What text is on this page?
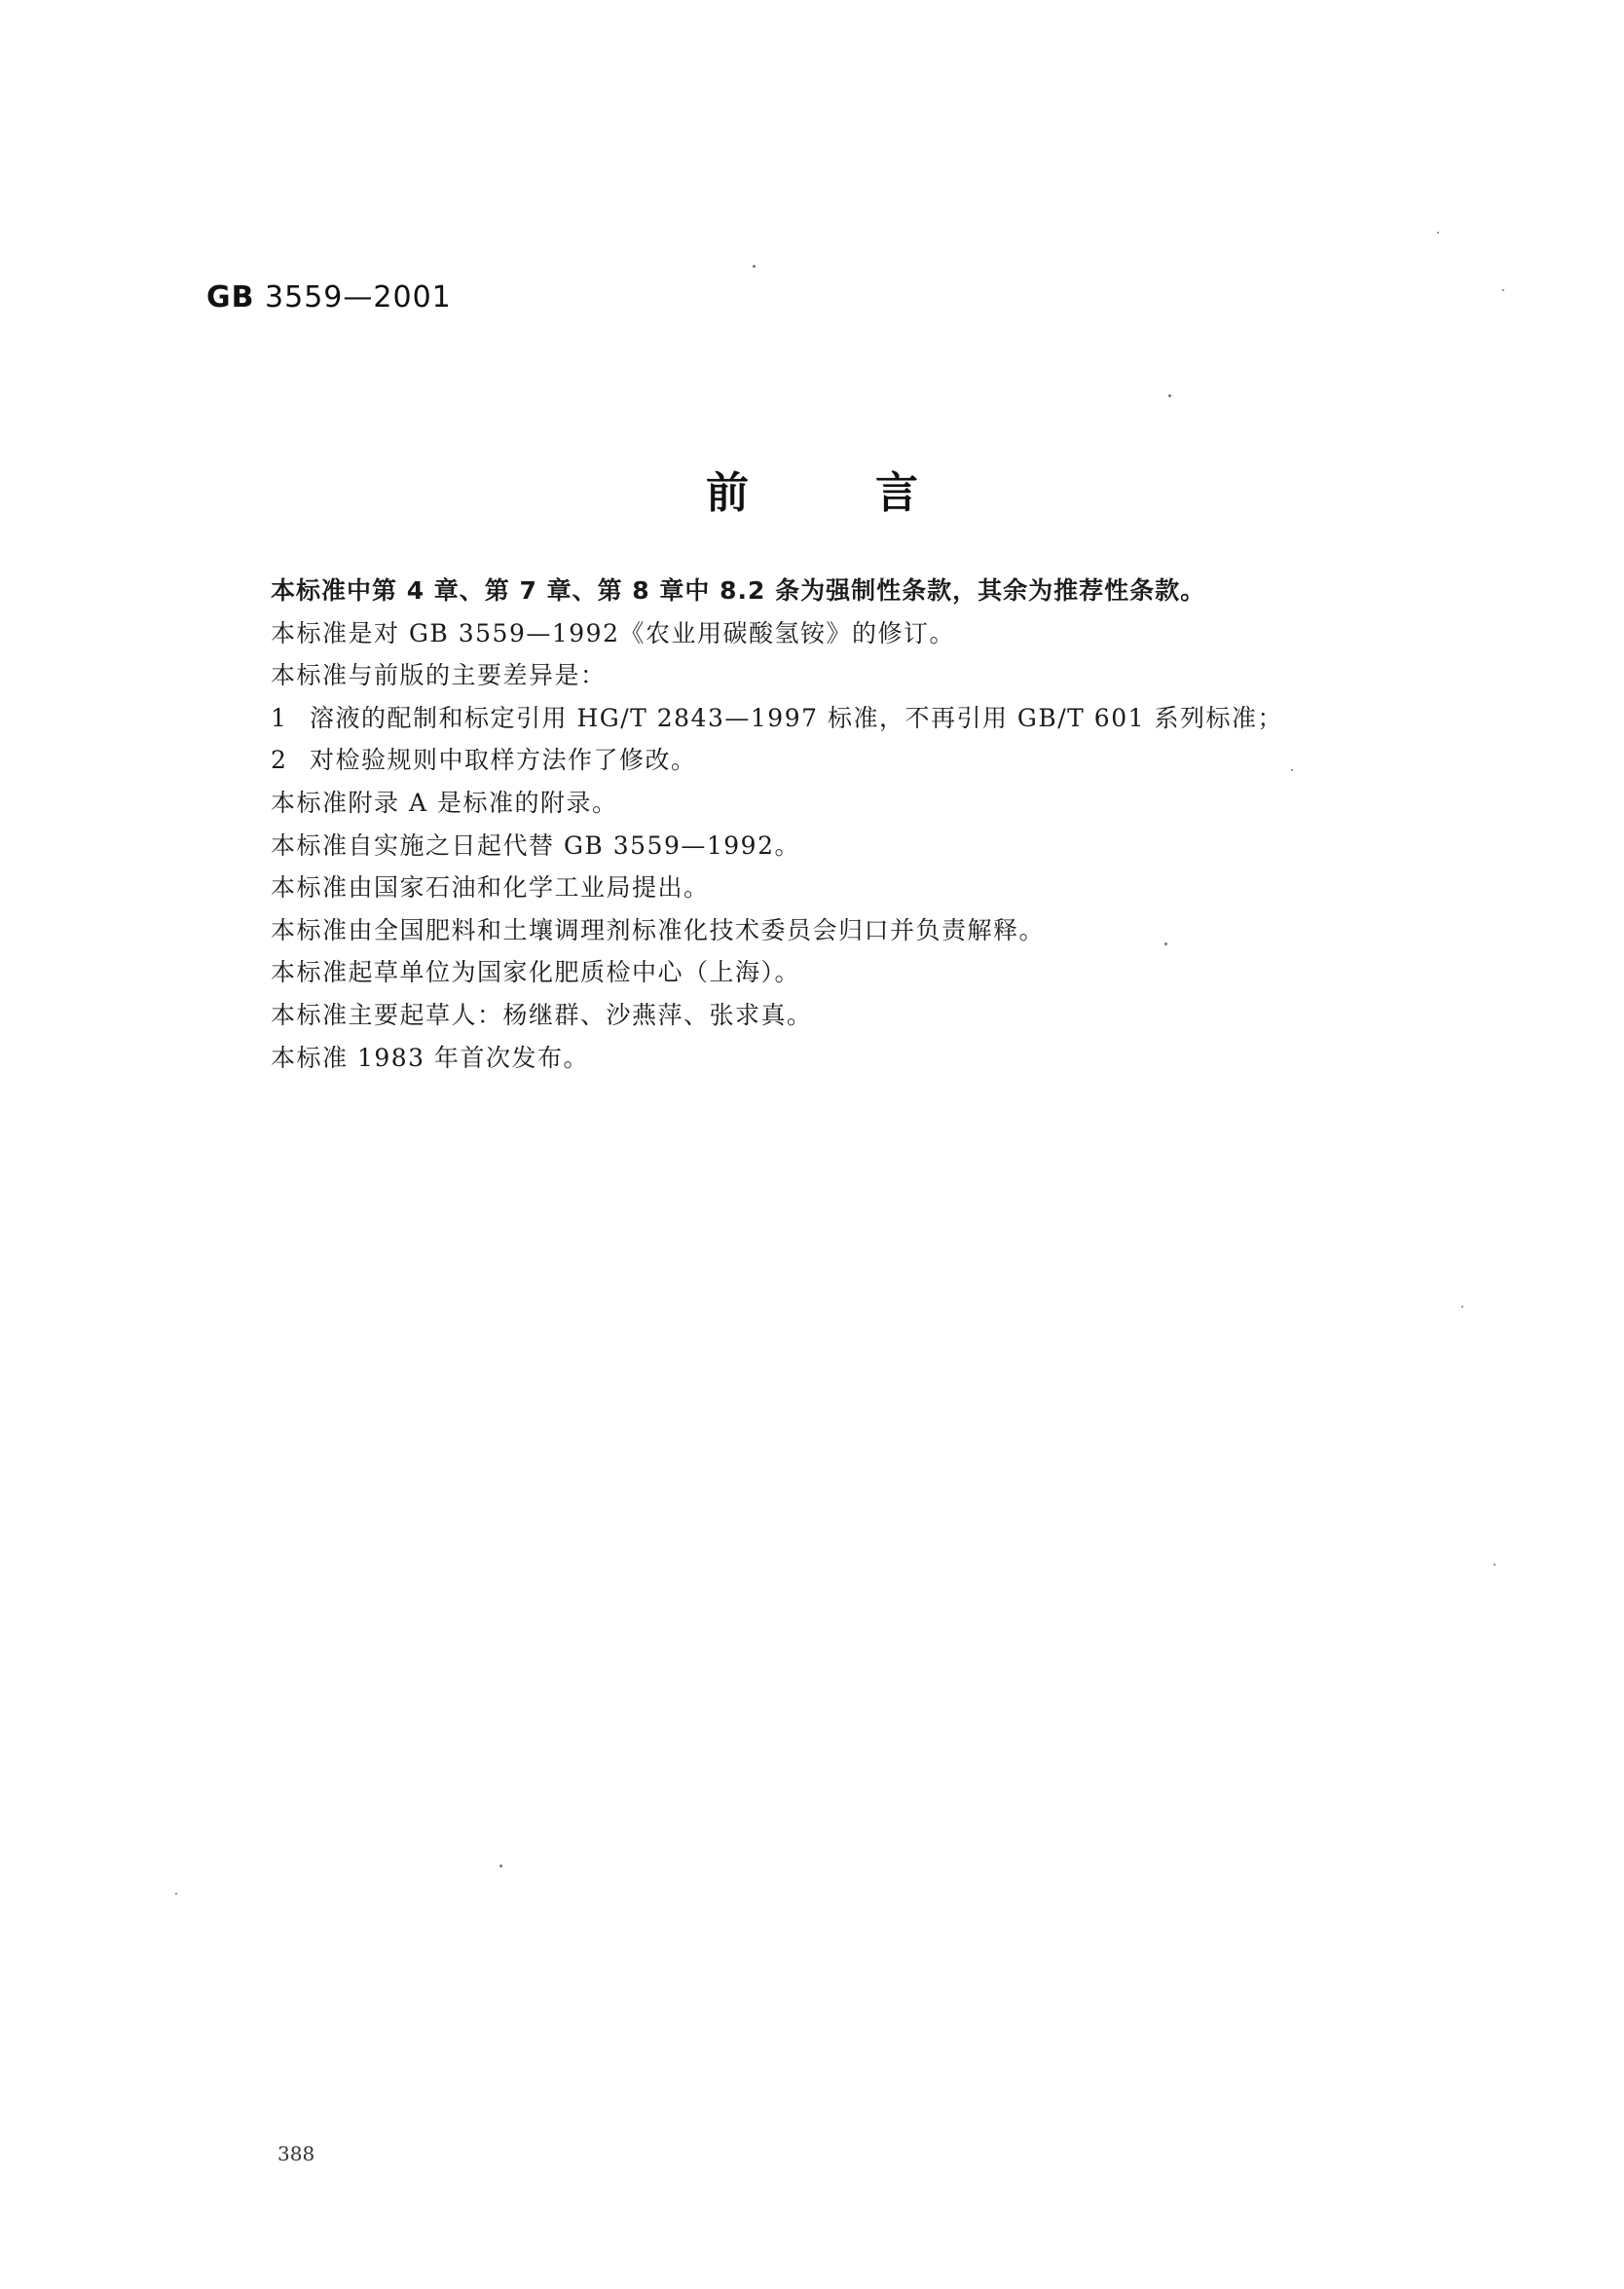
GB 3559—2001
前言
本标准中第 4 章、第 7 章、第 8 章中 8.2 条为强制性条款，其余为推荐性条款。
本标准是对 GB 3559—1992《农业用碳酸氢铵》的修订。
本标准与前版的主要差异是：
1 溶液的配制和标定引用 HG/T 2843—1997 标准，不再引用 GB/T 601 系列标准；
2 对检验规则中取样方法作了修改。
本标准附录 A 是标准的附录。
本标准自实施之日起代替 GB 3559—1992。
本标准由国家石油和化学工业局提出。
本标准由全国肥料和土壤调理剂标准化技术委员会归口并负责解释。
本标准起草单位为国家化肥质检中心（上海）。
本标准主要起草人：杨继群、沙燕萍、张求真。
本标准 1983 年首次发布。
388
